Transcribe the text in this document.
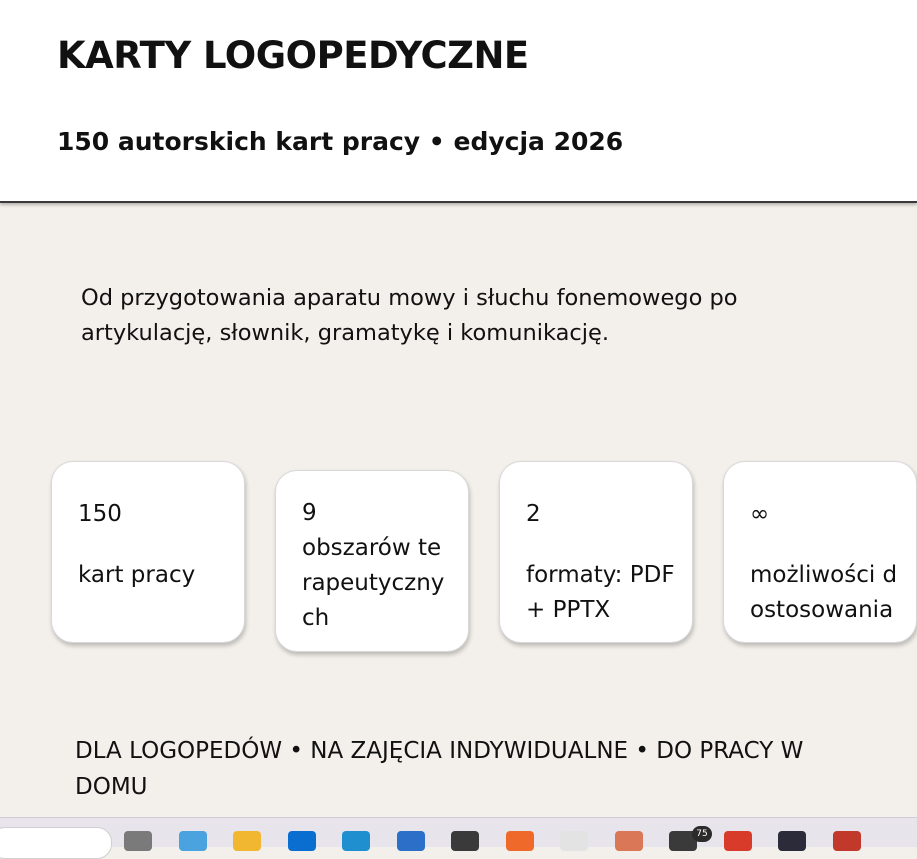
KARTY LOGOPEDYCZNE
150 autorskich kart pracy • edycja 2026

Od przygotowania aparatu mowy i słuchu fonemowego po artykulację, słownik, gramatykę i komunikację.

150
kart pracy
9
obszarów terapeutycznych
2
formaty: PDF + PPTX
∞
możliwości dostosowania

DLA LOGOPEDÓW • NA ZAJĘCIA INDYWIDUALNE • DO PRACY W DOMU

75
